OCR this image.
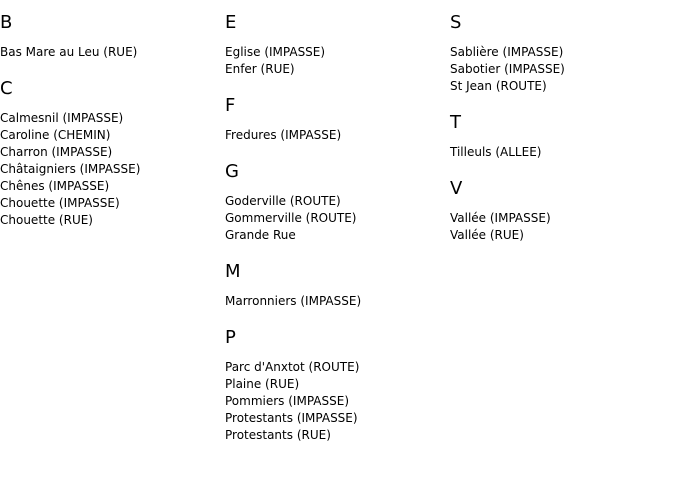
B
Bas Mare au Leu (RUE)
C
Calmesnil (IMPASSE)
Caroline (CHEMIN)
Charron (IMPASSE)
Châtaigniers (IMPASSE)
Chênes (IMPASSE)
Chouette (IMPASSE)
Chouette (RUE)
E
Eglise (IMPASSE)
Enfer (RUE)
F
Fredures (IMPASSE)
G
Goderville (ROUTE)
Gommerville (ROUTE)
Grande Rue
M
Marronniers (IMPASSE)
P
Parc d'Anxtot (ROUTE)
Plaine (RUE)
Pommiers (IMPASSE)
Protestants (IMPASSE)
Protestants (RUE)
S
Sablière (IMPASSE)
Sabotier (IMPASSE)
St Jean (ROUTE)
T
Tilleuls (ALLEE)
V
Vallée (IMPASSE)
Vallée (RUE)
